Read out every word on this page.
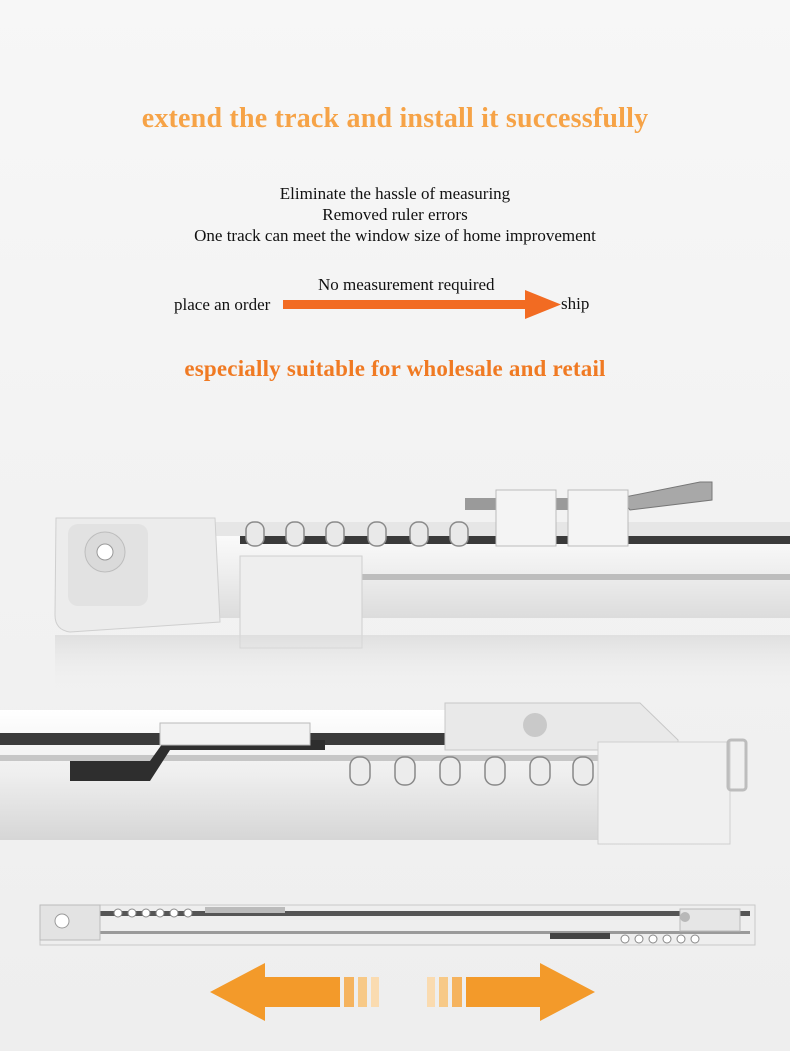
extend the track and install it successfully
Eliminate the hassle of measuring
Removed ruler errors
One track can meet the window size of home improvement
No measurement required
place an order	ship
especially suitable for wholesale and retail
